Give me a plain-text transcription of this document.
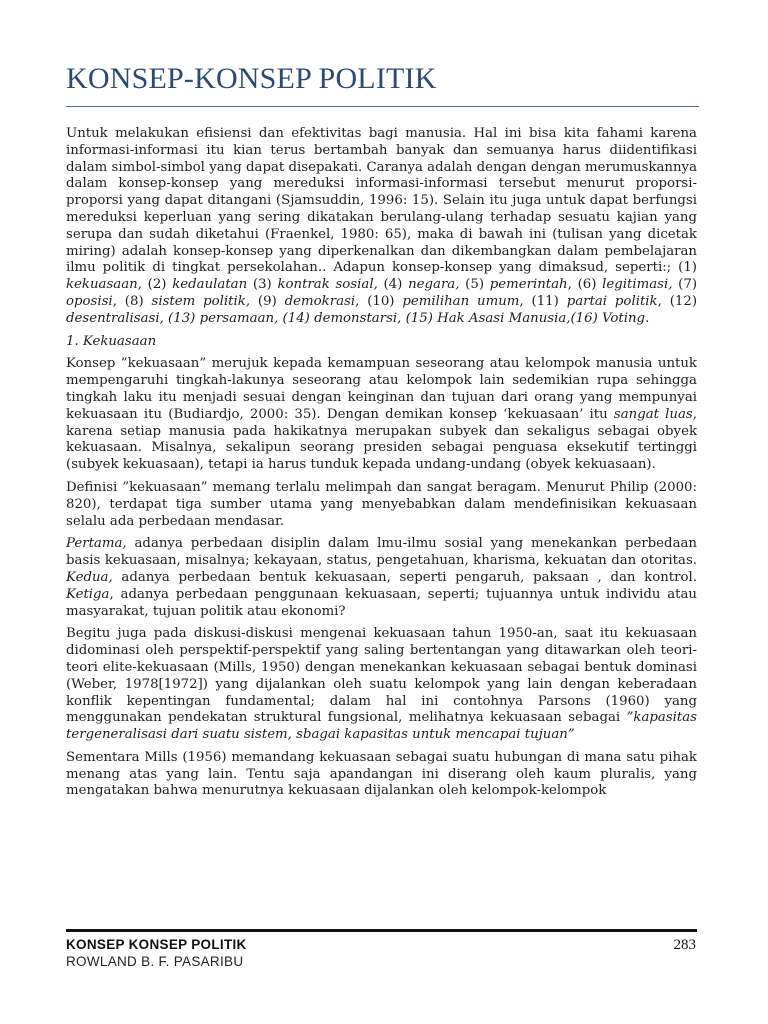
KONSEP-KONSEP POLITIK

Untuk melakukan efisiensi dan efektivitas bagi manusia. Hal ini bisa kita fahami karena informasi-informasi itu kian terus bertambah banyak dan semuanya harus diidentifikasi dalam simbol-simbol yang dapat disepakati. Caranya adalah dengan dengan merumuskannya dalam konsep-konsep yang mereduksi informasi-informasi tersebut menurut proporsi-proporsi yang dapat ditangani (Sjamsuddin, 1996: 15). Selain itu juga untuk dapat berfungsi mereduksi keperluan yang sering dikatakan berulang-ulang terhadap sesuatu kajian yang serupa dan sudah diketahui (Fraenkel, 1980: 65), maka di bawah ini (tulisan yang dicetak miring) adalah konsep-konsep yang diperkenalkan dan dikembangkan dalam pembelajaran ilmu politik di tingkat persekolahan.. Adapun konsep-konsep yang dimaksud, seperti:; (1) kekuasaan, (2) kedaulatan (3) kontrak sosial, (4) negara, (5) pemerintah, (6) legitimasi, (7) oposisi, (8) sistem politik, (9) demokrasi, (10) pemilihan umum, (11) partai politik, (12) desentralisasi, (13) persamaan, (14) demonstarsi, (15) Hak Asasi Manusia,(16) Voting.

1. Kekuasaan

Konsep ”kekuasaan” merujuk kepada kemampuan seseorang atau kelompok manusia untuk mempengaruhi tingkah-lakunya seseorang atau kelompok lain sedemikian rupa sehingga tingkah laku itu menjadi sesuai dengan keinginan dan tujuan dari orang yang mempunyai kekuasaan itu (Budiardjo, 2000: 35). Dengan demikan konsep ‘kekuasaan’ itu sangat luas, karena setiap manusia pada hakikatnya merupakan subyek dan sekaligus sebagai obyek kekuasaan. Misalnya, sekalipun seorang presiden sebagai penguasa eksekutif tertinggi (subyek kekuasaan), tetapi ia harus tunduk kepada undang-undang (obyek kekuasaan).

Definisi ”kekuasaan” memang terlalu melimpah dan sangat beragam. Menurut Philip (2000: 820), terdapat tiga sumber utama yang menyebabkan dalam mendefinisikan kekuasaan selalu ada perbedaan mendasar.

Pertama, adanya perbedaan disiplin dalam lmu-ilmu sosial yang menekankan perbedaan basis kekuasaan, misalnya; kekayaan, status, pengetahuan, kharisma, kekuatan dan otoritas. Kedua, adanya perbedaan bentuk kekuasaan, seperti pengaruh, paksaan , dan kontrol. Ketiga, adanya perbedaan penggunaan kekuasaan, seperti; tujuannya untuk individu atau masyarakat, tujuan politik atau ekonomi?

Begitu juga pada diskusi-diskusi mengenai kekuasaan tahun 1950-an, saat itu kekuasaan didominasi oleh perspektif-perspektif yang saling bertentangan yang ditawarkan oleh teori-teori elite-kekuasaan (Mills, 1950) dengan menekankan kekuasaan sebagai bentuk dominasi (Weber, 1978[1972]) yang dijalankan oleh suatu kelompok yang lain dengan keberadaan konflik kepentingan fundamental; dalam hal ini contohnya Parsons (1960) yang menggunakan pendekatan struktural fungsional, melihatnya kekuasaan sebagai ”kapasitas tergeneralisasi dari suatu sistem, sbagai kapasitas untuk mencapai tujuan”

Sementara Mills (1956) memandang kekuasaan sebagai suatu hubungan di mana satu pihak menang atas yang lain. Tentu saja apandangan ini diserang oleh kaum pluralis, yang mengatakan bahwa menurutnya kekuasaan dijalankan oleh kelompok-kelompok

KONSEP KONSEP POLITIK
ROWLAND B. F. PASARIBU
283
